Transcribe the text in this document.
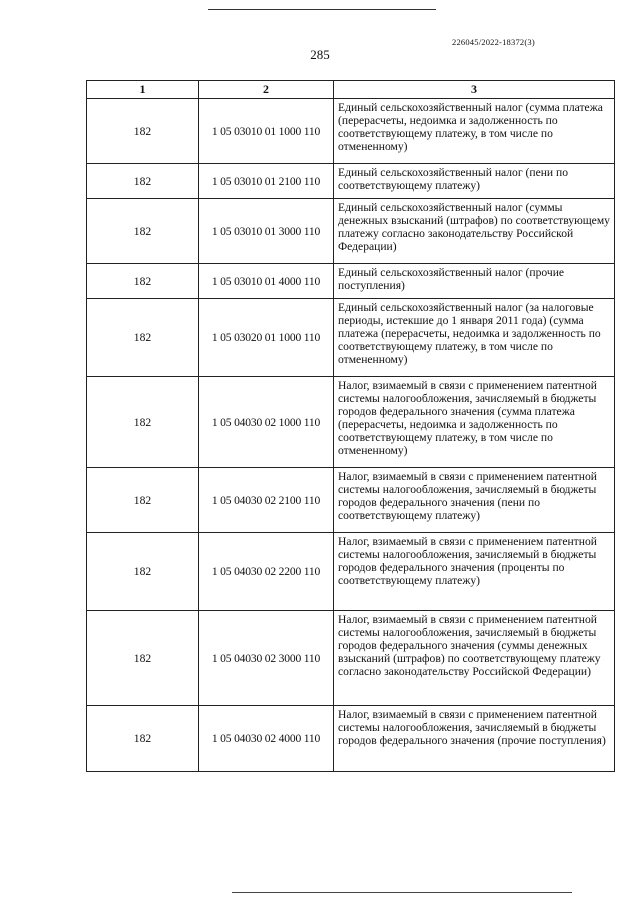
226045/2022-18372(3)
285
1	2	3
182	1 05 03010 01 1000 110	Единый сельскохозяйственный налог (сумма платежа (перерасчеты, недоимка и задолженность по соответствующему платежу, в том числе по отмененному)
182	1 05 03010 01 2100 110	Единый сельскохозяйственный налог (пени по соответствующему платежу)
182	1 05 03010 01 3000 110	Единый сельскохозяйственный налог (суммы денежных взысканий (штрафов) по соответствующему платежу согласно законодательству Российской Федерации)
182	1 05 03010 01 4000 110	Единый сельскохозяйственный налог (прочие поступления)
182	1 05 03020 01 1000 110	Единый сельскохозяйственный налог (за налоговые периоды, истекшие до 1 января 2011 года) (сумма платежа (перерасчеты, недоимка и задолженность по соответствующему платежу, в том числе по отмененному)
182	1 05 04030 02 1000 110	Налог, взимаемый в связи с применением патентной системы налогообложения, зачисляемый в бюджеты городов федерального значения (сумма платежа (перерасчеты, недоимка и задолженность по соответствующему платежу, в том числе по отмененному)
182	1 05 04030 02 2100 110	Налог, взимаемый в связи с применением патентной системы налогообложения, зачисляемый в бюджеты городов федерального значения (пени по соответствующему платежу)
182	1 05 04030 02 2200 110	Налог, взимаемый в связи с применением патентной системы налогообложения, зачисляемый в бюджеты городов федерального значения (проценты по соответствующему платежу)
182	1 05 04030 02 3000 110	Налог, взимаемый в связи с применением патентной системы налогообложения, зачисляемый в бюджеты городов федерального значения (суммы денежных взысканий (штрафов) по соответствующему платежу согласно законодательству Российской Федерации)
182	1 05 04030 02 4000 110	Налог, взимаемый в связи с применением патентной системы налогообложения, зачисляемый в бюджеты городов федерального значения (прочие поступления)
